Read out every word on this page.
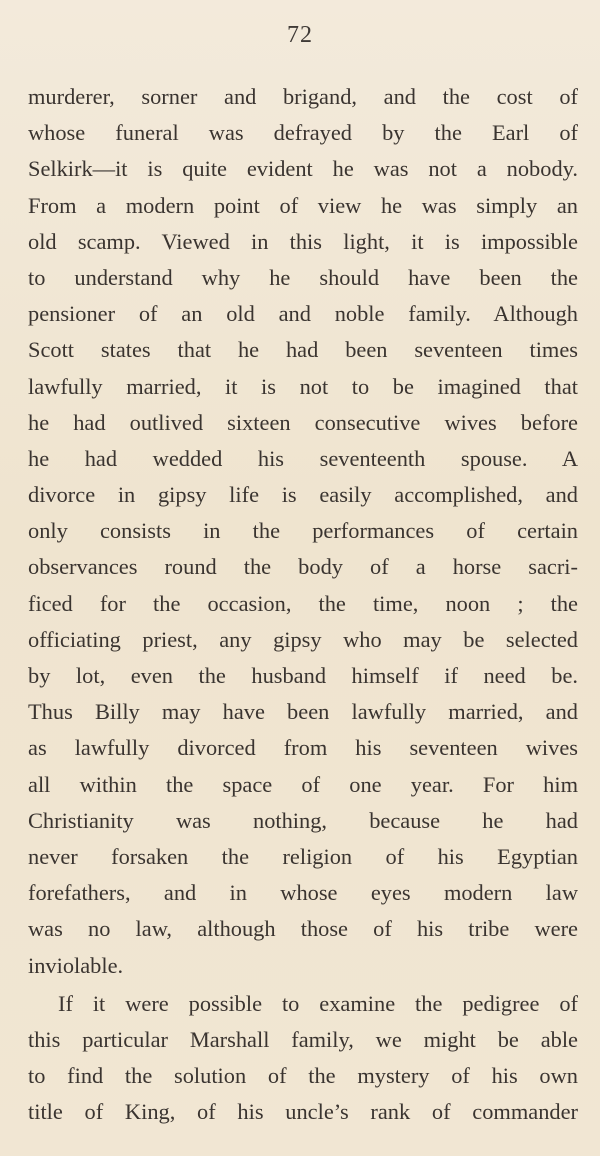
72
murderer, sorner and brigand, and the cost of
whose funeral was defrayed by the Earl of
Selkirk—it is quite evident he was not a nobody.
From a modern point of view he was simply an
old scamp. Viewed in this light, it is impossible
to understand why he should have been the
pensioner of an old and noble family. Although
Scott states that he had been seventeen times
lawfully married, it is not to be imagined that
he had outlived sixteen consecutive wives before
he had wedded his seventeenth spouse. A
divorce in gipsy life is easily accomplished, and
only consists in the performances of certain
observances round the body of a horse sacri-
ficed for the occasion, the time, noon ; the
officiating priest, any gipsy who may be selected
by lot, even the husband himself if need be.
Thus Billy may have been lawfully married, and
as lawfully divorced from his seventeen wives
all within the space of one year. For him
Christianity was nothing, because he had
never forsaken the religion of his Egyptian
forefathers, and in whose eyes modern law
was no law, although those of his tribe were
inviolable.
If it were possible to examine the pedigree of
this particular Marshall family, we might be able
to find the solution of the mystery of his own
title of King, of his uncle’s rank of commander
